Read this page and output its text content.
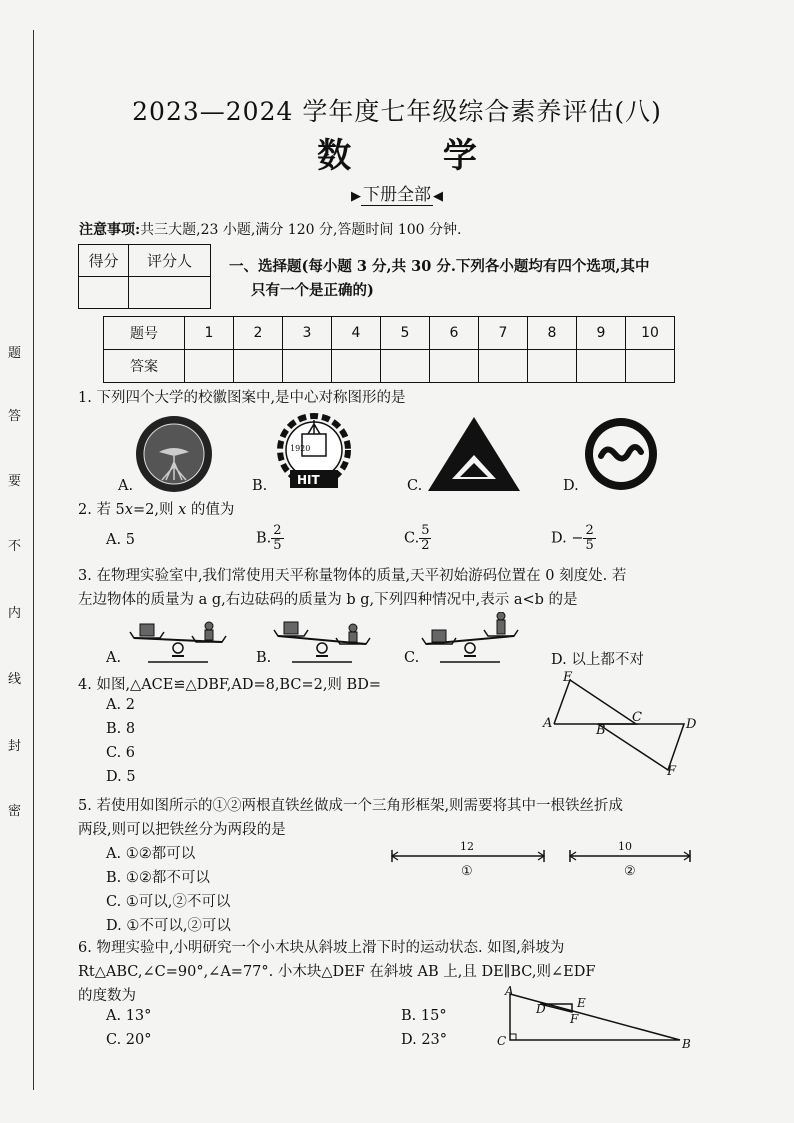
题
答
要
不
内
线
封
密
2023—2024 学年度七年级综合素养评估(八)
数 学
▶ 下册全部 ◀
注意事项:共三大题,23 小题,满分 120 分,答题时间 100 分钟.
得分	评分人
		一、选择题(每小题 3 分,共 30 分.下列各小题均有四个选项,其中
只有一个是正确的)
题号	1	2	3	4	5	6	7	8	9	10
答案										
1. 下列四个大学的校徽图案中,是中心对称图形的是
A.
1920
HIT
B.	C.	D.
2. 若 5x=2,则 x 的值为
A. 5	B. $\frac{2}{5}$	C. $\frac{5}{2}$	D. − $\frac{2}{5}$
3. 在物理实验室中,我们常使用天平称量物体的质量,天平初始游码位置在 0 刻度处. 若
左边物体的质量为 a g,右边砝码的质量为 b g,下列四种情况中,表示 a<b 的是
A.	B.	C.	D. 以上都不对
4. 如图,△ACE≌△DBF,AD=8,BC=2,则 BD=
A. 2
B. 8
C. 6
D. 5
E
A	B
C	D
F
5. 若使用如图所示的①②两根直铁丝做成一个三角形框架,则需要将其中一根铁丝折成
两段,则可以把铁丝分为两段的是
A. ①②都可以
B. ①②都不可以
C. ①可以,②不可以
D. ①不可以,②可以
12
①
10
②
6. 物理实验中,小明研究一个小木块从斜坡上滑下时的运动状态. 如图,斜坡为
Rt△ABC,∠C=90°,∠A=77°. 小木块△DEF 在斜坡 AB 上,且 DE∥BC,则∠EDF
的度数为
A. 13°	B. 15°
C. 20°	D. 23°
A
D	E
F
C	B
